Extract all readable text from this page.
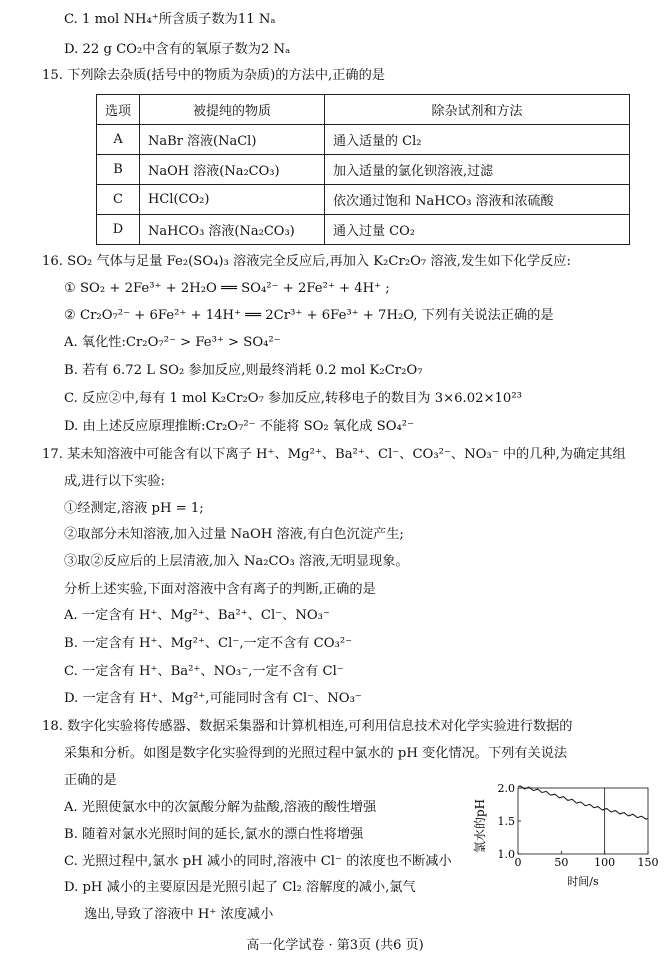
C. 1 mol NH₄⁺所含质子数为11 Nₐ
D. 22 g CO₂中含有的氧原子数为2 Nₐ
15. 下列除去杂质(括号中的物质为杂质)的方法中,正确的是
选项	被提纯的物质	除杂试剂和方法
A	NaBr 溶液(NaCl)	通入适量的 Cl₂
B	NaOH 溶液(Na₂CO₃)	加入适量的氯化钡溶液,过滤
C	HCl(CO₂)	依次通过饱和 NaHCO₃ 溶液和浓硫酸
D	NaHCO₃ 溶液(Na₂CO₃)	通入过量 CO₂
16. SO₂ 气体与足量 Fe₂(SO₄)₃ 溶液完全反应后,再加入 K₂Cr₂O₇ 溶液,发生如下化学反应:
① SO₂ + 2Fe³⁺ + 2H₂O ══ SO₄²⁻ + 2Fe²⁺ + 4H⁺ ;
② Cr₂O₇²⁻ + 6Fe²⁺ + 14H⁺ ══ 2Cr³⁺ + 6Fe³⁺ + 7H₂O, 下列有关说法正确的是
A. 氧化性:Cr₂O₇²⁻ > Fe³⁺ > SO₄²⁻
B. 若有 6.72 L SO₂ 参加反应,则最终消耗 0.2 mol K₂Cr₂O₇
C. 反应②中,每有 1 mol K₂Cr₂O₇ 参加反应,转移电子的数目为 3×6.02×10²³
D. 由上述反应原理推断:Cr₂O₇²⁻ 不能将 SO₂ 氧化成 SO₄²⁻
17. 某未知溶液中可能含有以下离子 H⁺、Mg²⁺、Ba²⁺、Cl⁻、CO₃²⁻、NO₃⁻ 中的几种,为确定其组
成,进行以下实验:
①经测定,溶液 pH = 1;
②取部分未知溶液,加入过量 NaOH 溶液,有白色沉淀产生;
③取②反应后的上层清液,加入 Na₂CO₃ 溶液,无明显现象。
分析上述实验,下面对溶液中含有离子的判断,正确的是
A. 一定含有 H⁺、Mg²⁺、Ba²⁺、Cl⁻、NO₃⁻
B. 一定含有 H⁺、Mg²⁺、Cl⁻,一定不含有 CO₃²⁻
C. 一定含有 H⁺、Ba²⁺、NO₃⁻,一定不含有 Cl⁻
D. 一定含有 H⁺、Mg²⁺,可能同时含有 Cl⁻、NO₃⁻
18. 数字化实验将传感器、数据采集器和计算机相连,可利用信息技术对化学实验进行数据的
采集和分析。如图是数字化实验得到的光照过程中氯水的 pH 变化情况。下列有关说法
正确的是
A. 光照使氯水中的次氯酸分解为盐酸,溶液的酸性增强
B. 随着对氯水光照时间的延长,氯水的漂白性将增强
C. 光照过程中,氯水 pH 减小的同时,溶液中 Cl⁻ 的浓度也不断减小
D. pH 减小的主要原因是光照引起了 Cl₂ 溶解度的减小,氯气
逸出,导致了溶液中 H⁺ 浓度减小
氯水的pH
0	50 100 150
1.0
1.5
2.0
时间/s
高一化学试卷 · 第3页 (共6 页)
